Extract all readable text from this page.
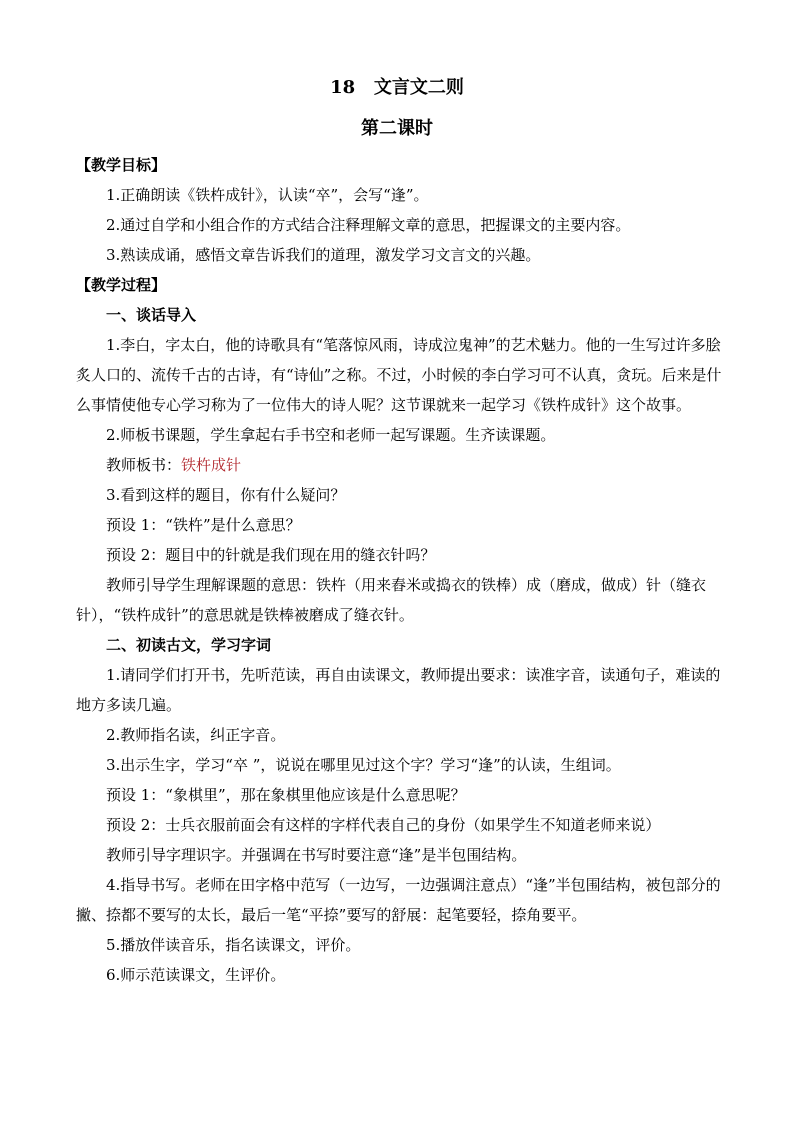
18   文言文二则
第二课时

【教学目标】

1.正确朗读《铁杵成针》，认读“卒”，会写“逢”。

2.通过自学和小组合作的方式结合注释理解文章的意思，把握课文的主要内容。

3.熟读成诵，感悟文章告诉我们的道理，激发学习文言文的兴趣。

【教学过程】

一、谈话导入

1.李白，字太白，他的诗歌具有“笔落惊风雨，诗成泣鬼神”的艺术魅力。他的一生写过许多脍炙人口的、流传千古的古诗，有“诗仙”之称。不过，小时候的李白学习可不认真，贪玩。后来是什么事情使他专心学习称为了一位伟大的诗人呢？这节课就来一起学习《铁杵成针》这个故事。

2.师板书课题，学生拿起右手书空和老师一起写课题。生齐读课题。

教师板书：铁杵成针

3.看到这样的题目，你有什么疑问？

预设 1：“铁杵”是什么意思？

预设 2：题目中的针就是我们现在用的缝衣针吗？

教师引导学生理解课题的意思：铁杵（用来舂米或捣衣的铁棒）成（磨成，做成）针（缝衣针），“铁杵成针”的意思就是铁棒被磨成了缝衣针。

二、初读古文，学习字词

1.请同学们打开书，先听范读，再自由读课文，教师提出要求：读准字音，读通句子，难读的地方多读几遍。

2.教师指名读，纠正字音。

3.出示生字，学习“卒 ”，说说在哪里见过这个字？学习“逢”的认读，生组词。

预设 1：“象棋里”，那在象棋里他应该是什么意思呢？

预设 2：士兵衣服前面会有这样的字样代表自己的身份（如果学生不知道老师来说）

教师引导字理识字。并强调在书写时要注意“逢”是半包围结构。

4.指导书写。老师在田字格中范写（一边写，一边强调注意点）“逢”半包围结构，被包部分的撇、捺都不要写的太长，最后一笔“平捺”要写的舒展：起笔要轻，捺角要平。

5.播放伴读音乐，指名读课文，评价。

6.师示范读课文，生评价。
